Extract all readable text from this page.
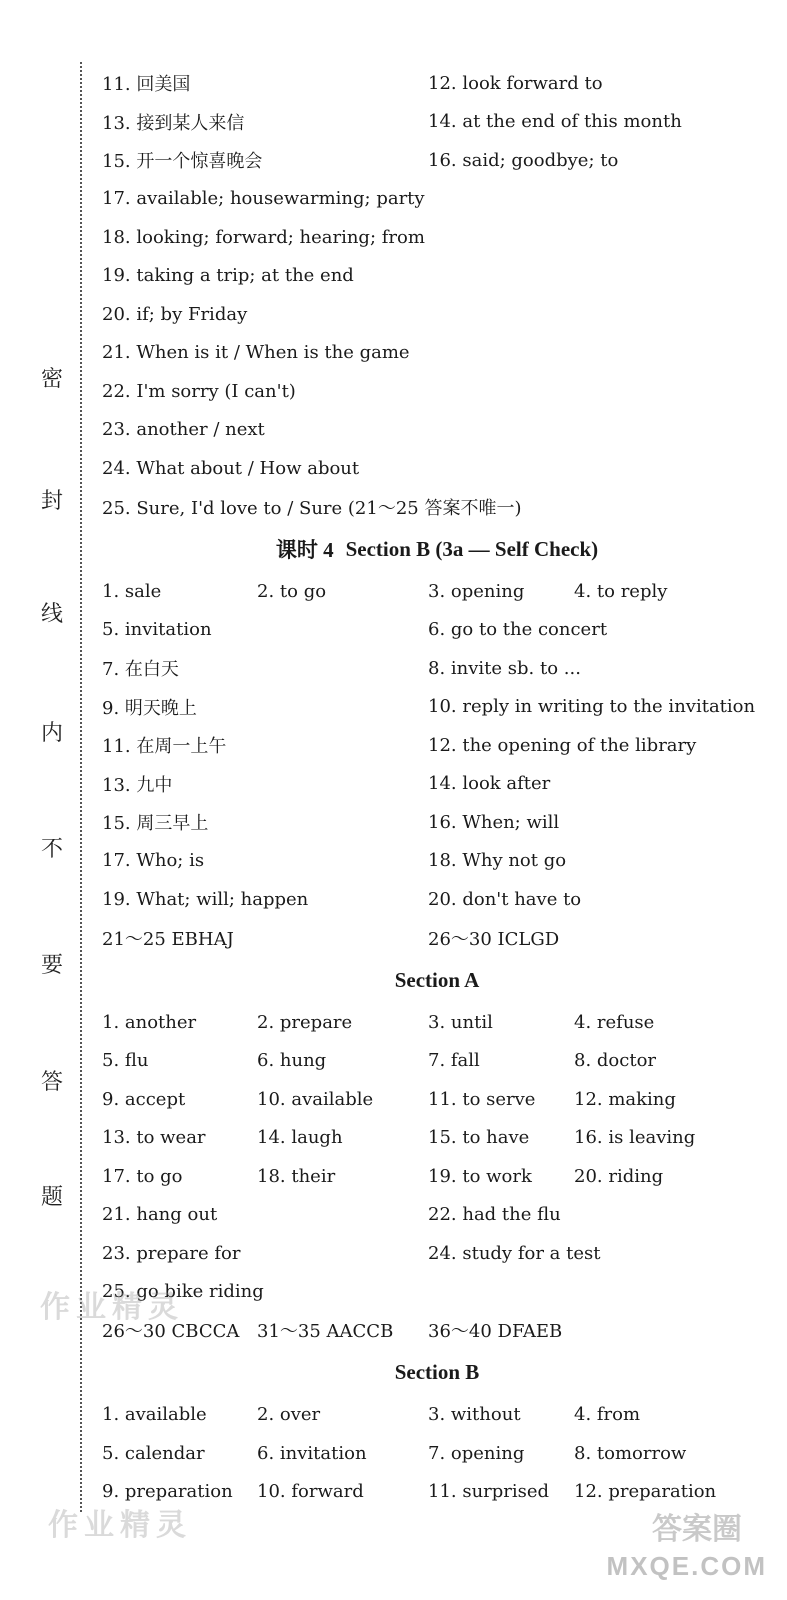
密
封
线
内
不
要
答
题
11. 回美国	12. look forward to
13. 接到某人来信	14. at the end of this month
15. 开一个惊喜晚会	16. said; goodbye; to
17. available; housewarming; party
18. looking; forward; hearing; from
19. taking a trip; at the end
20. if; by Friday
21. When is it / When is the game
22. I'm sorry (I can't)
23. another / next
24. What about / How about
25. Sure, I'd love to / Sure (21～25 答案不唯一)
课时 4 Section B (3a — Self Check)
1. sale	2. to go	3. opening	4. to reply
5. invitation	6. go to the concert
7. 在白天	8. invite sb. to ...
9. 明天晚上	10. reply in writing to the invitation
11. 在周一上午	12. the opening of the library
13. 九中	14. look after
15. 周三早上	16. When; will
17. Who; is	18. Why not go
19. What; will; happen	20. don't have to
21～25 EBHAJ	26～30 ICLGD
Section A
1. another	2. prepare	3. until	4. refuse
5. flu	6. hung	7. fall	8. doctor
9. accept	10. available	11. to serve	12. making
13. to wear	14. laugh	15. to have	16. is leaving
17. to go	18. their	19. to work	20. riding
21. hang out	22. had the flu
23. prepare for	24. study for a test
25. go bike riding
26～30 CBCCA 31～35 AACCB	36～40 DFAEB
Section B
1. available	2. over	3. without	4. from
5. calendar	6. invitation	7. opening	8. tomorrow
9. preparation	10. forward	11. surprised	12. preparation
作业精灵
作业精灵	答案圈
MXQE.COM
